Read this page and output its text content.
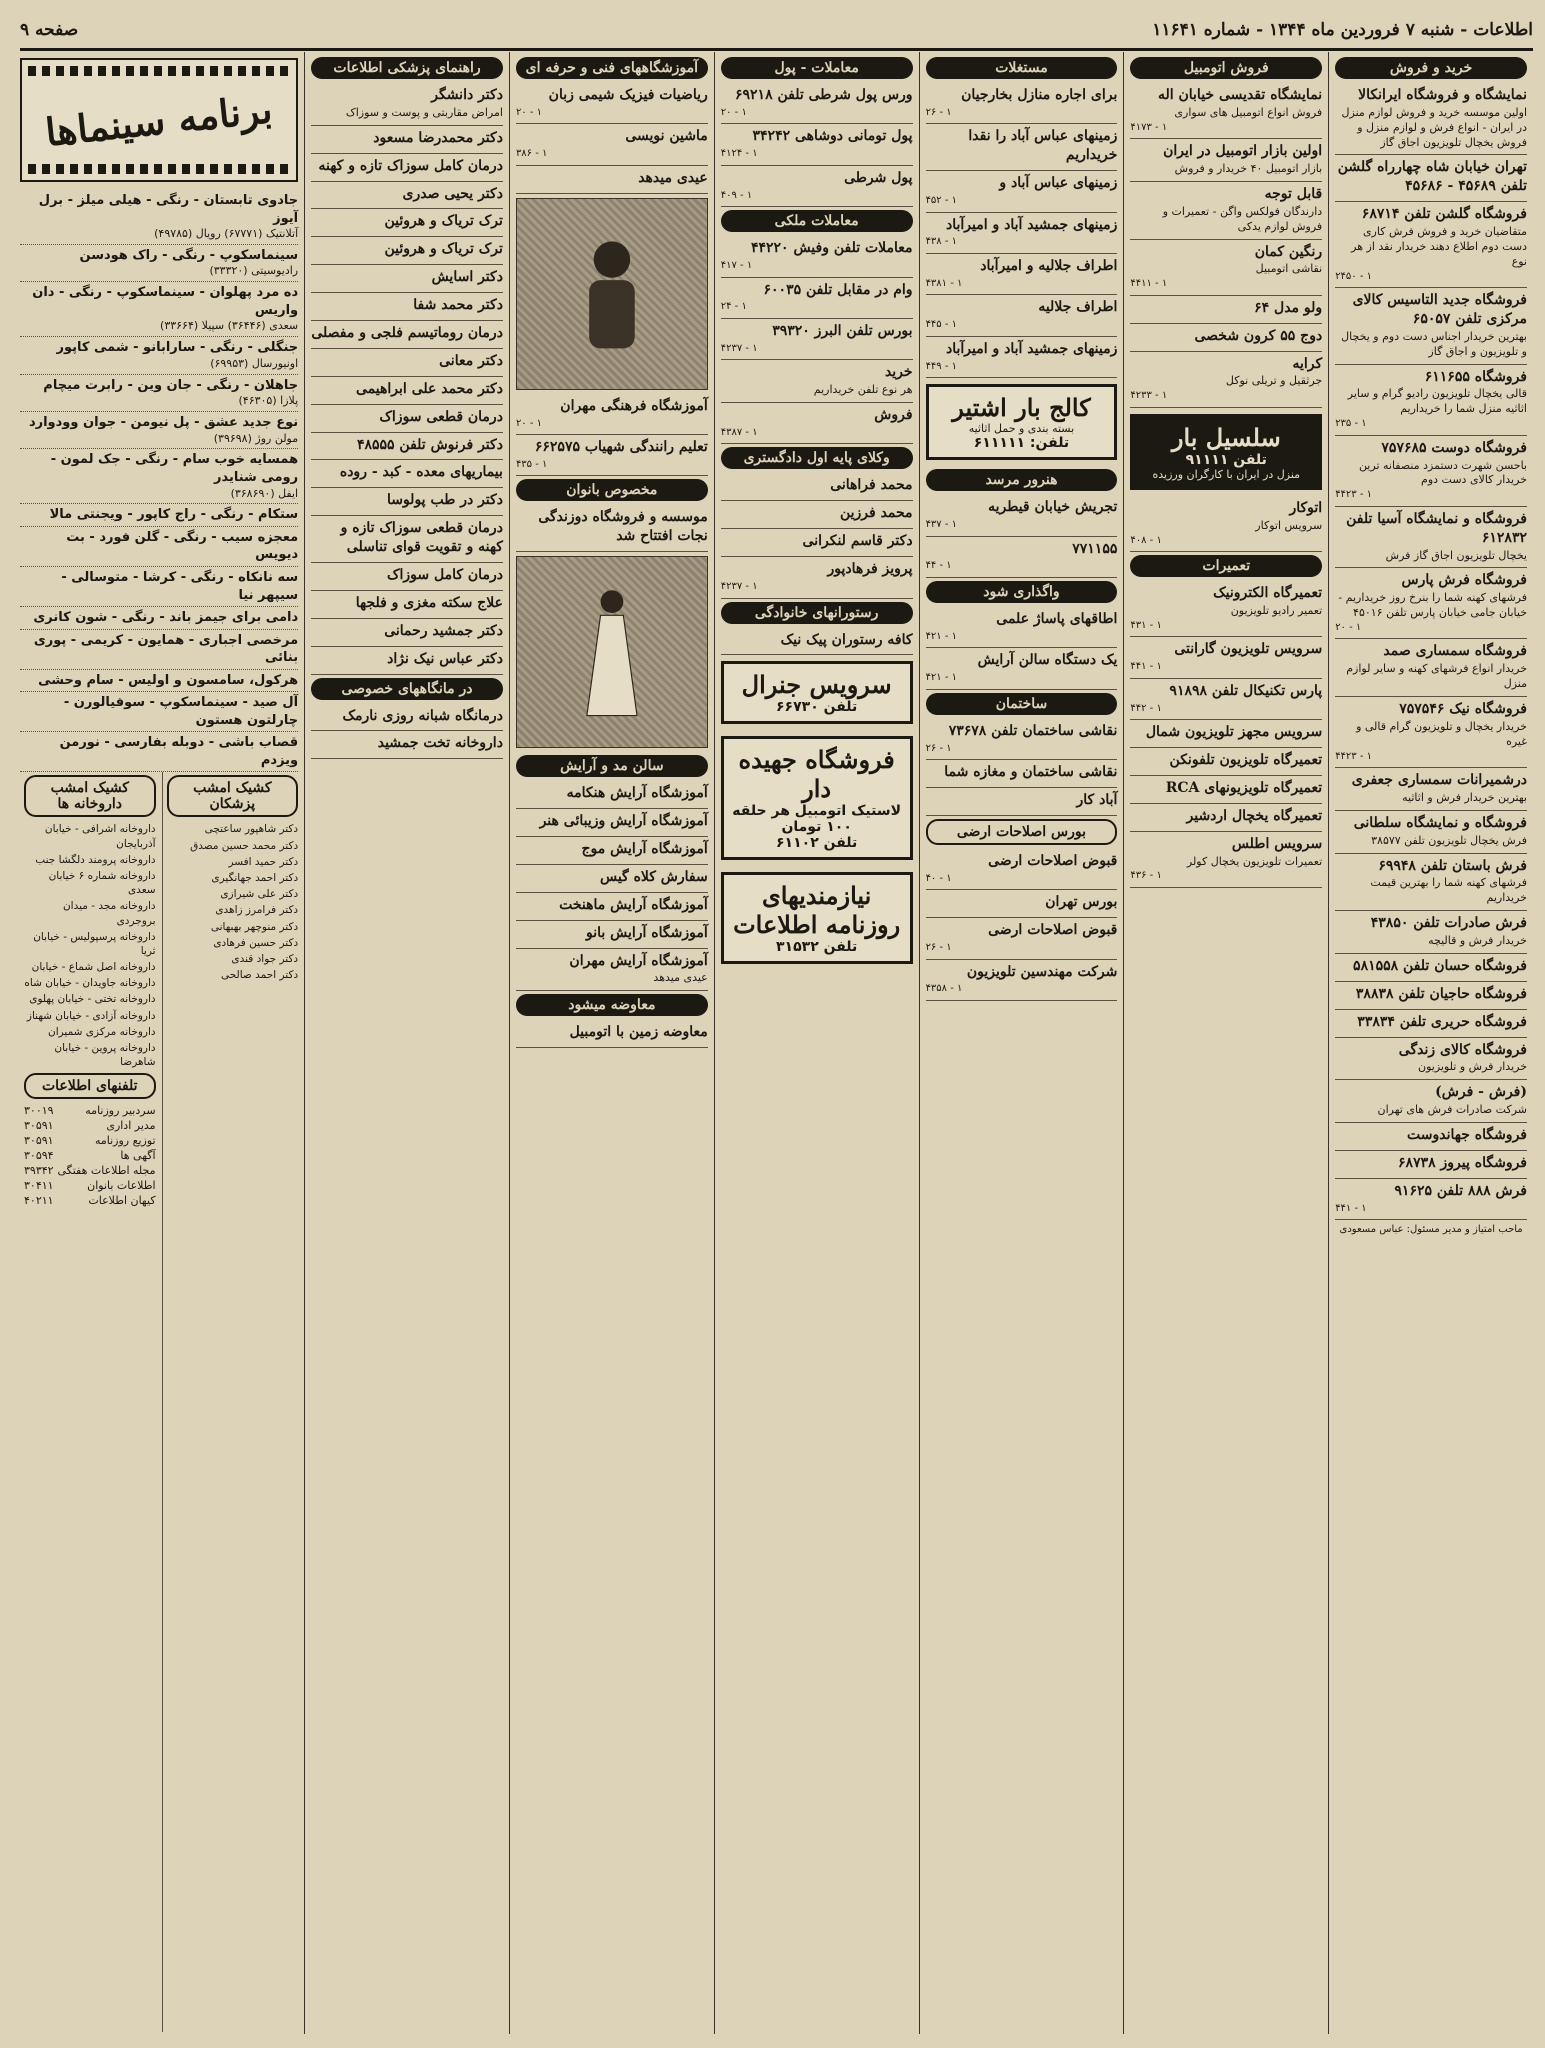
اطلاعات - شنبه ۷ فروردین ماه ۱۳۴۴ - شماره ۱۱۶۴۱
صفحه ۹
خرید و فروش
نمایشگاه و فروشگاه ایرانکالا
اولین موسسه خرید و فروش لوازم منزل در ایران - انواع فرش و لوازم منزل و فروش یخچال تلویزیون اجاق گاز
تهران خیابان شاه چهارراه گلشن تلفن ۴۵۶۸۹ - ۴۵۶۸۶
فروشگاه گلشن تلفن ۶۸۷۱۴
متقاضیان خرید و فروش فرش کاری دست دوم اطلاع دهند خریدار نقد از هر نوع
۲۴۵۰ - ۱
فروشگاه جدید التاسیس کالای مرکزی تلفن ۶۵۰۵۷
بهترین خریدار اجناس دست دوم و یخچال و تلویزیون و اجاق گاز
فروشگاه ۶۱۱۶۵۵
قالی یخچال تلویزیون رادیو گرام و سایر اثاثیه منزل شما را خریداریم
۲۳۵ - ۱
فروشگاه دوست ۷۵۷۶۸۵
باحسن شهرت دستمزد منصفانه ترین خریدار کالای دست دوم
۴۴۲۳ - ۱
فروشگاه و نمایشگاه آسیا تلفن ۶۱۲۸۳۲
یخچال تلویزیون اجاق گاز فرش
فروشگاه فرش پارس
فرشهای کهنه شما را بنرخ روز خریداریم - خیابان جامی خیابان پارس تلفن ۴۵۰۱۶
۲۰ - ۱
فروشگاه سمساری صمد
خریدار انواع فرشهای کهنه و سایر لوازم منزل
فروشگاه نیک ۷۵۷۵۴۶
خریدار یخچال و تلویزیون گرام قالی و غیره
۴۴۲۳ - ۱
درشمیرانات سمساری جعفری
بهترین خریدار فرش و اثاثیه
فروشگاه و نمایشگاه سلطانی
فرش یخچال تلویزیون تلفن ۳۸۵۷۷
فرش باستان تلفن ۶۹۹۴۸
فرشهای کهنه شما را بهترین قیمت خریداریم
فرش صادرات تلفن ۴۳۸۵۰
خریدار فرش و قالیچه
فروشگاه حسان تلفن ۵۸۱۵۵۸
فروشگاه حاجیان تلفن ۳۸۸۳۸
فروشگاه حریری تلفن ۳۳۸۳۴
فروشگاه کالای زندگی
خریدار فرش و تلویزیون
(فرش - فرش)
شرکت صادرات فرش های تهران
فروشگاه جهاندوست
فروشگاه پیروز ۶۸۷۳۸
فرش ۸۸۸ تلفن ۹۱۶۲۵
۴۴۱ - ۱
ماحب امتیاز و مدیر مسئول: عباس مسعودی
فروش اتومبیل
نمایشگاه تقدیسی خیابان اله
فروش انواع اتومبیل های سواری
۴۱۷۳ - ۱
اولین بازار اتومبیل در ایران
بازار اتومبیل ۴۰ خریدار و فروش
قابل توجه
دارندگان فولکس واگن - تعمیرات و فروش لوازم یدکی
رنگین کمان
نقاشی اتومبیل
۴۴۱۱ - ۱
ولو مدل ۶۴
دوج ۵۵ کرون شخصی
کرایه
جرثقیل و تریلی نوکل
۴۲۳۳ - ۱
سلسیل بار
تلفن ۹۱۱۱۱
منزل در ایران با کارگران ورزیده
اتوکار
سرویس اتوکار
۴۰۸ - ۱
تعمیرات
تعمیرگاه الکترونیک
تعمیر رادیو تلویزیون
۴۳۱ - ۱
سرویس تلویزیون گارانتی
۴۴۱ - ۱
پارس تکنیکال تلفن ۹۱۸۹۸
۴۴۲ - ۱
سرویس مجهز تلویزیون شمال
تعمیرگاه تلویزیون تلفونکن
تعمیرگاه تلویزیونهای RCA
تعمیرگاه یخچال اردشیر
سرویس اطلس
تعمیرات تلویزیون یخچال کولر
۴۳۶ - ۱
مستغلات
برای اجاره منازل بخارجیان
۲۶ - ۱
زمینهای عباس آباد را نقدا خریداریم
زمینهای عباس آباد و
۴۵۲ - ۱
زمینهای جمشید آباد و امیرآباد
۴۳۸ - ۱
اطراف جلالیه و امیرآباد
۴۳۸۱ - ۱
اطراف جلالیه
۴۴۵ - ۱
زمینهای جمشید آباد و امیرآباد
۴۴۹ - ۱
کالج بار اشتیر
بسته بندی و حمل اثاثیه
تلفن: ۶۱۱۱۱۱
هنرور مرسد
تجریش خیابان قیطریه
۴۳۷ - ۱
۷۷۱۱۵۵
۴۴ - ۱
واگذاری شود
اطاقهای پاساژ علمی
۴۲۱ - ۱
یک دستگاه سالن آرایش
۴۲۱ - ۱
ساختمان
نقاشی ساختمان تلفن ۷۳۶۷۸
۲۶ - ۱
نقاشی ساختمان و مغازه شما
آباد کار
بورس اصلاحات ارضی
قبوض اصلاحات ارضی
۴۰ - ۱
بورس تهران
قبوض اصلاحات ارضی
۲۶ - ۱
شرکت مهندسین تلویزیون
۴۳۵۸ - ۱
معاملات - پول
ورس پول شرطی تلفن ۶۹۲۱۸
۲۰ - ۱
پول تومانی دوشاهی ۳۴۲۴۲
۴۱۲۴ - ۱
پول شرطی
۴۰۹ - ۱
معاملات ملکی
معاملات تلفن وفیش ۴۴۲۲۰
۴۱۷ - ۱
وام در مقابل تلفن ۶۰۰۳۵
۲۴ - ۱
بورس تلفن البرز ۳۹۳۲۰
۴۲۳۷ - ۱
خرید
هر نوع تلفن خریداریم
فروش
۴۳۸۷ - ۱
وکلای پایه اول دادگستری
محمد فراهانی
محمد فرزین
دکتر قاسم لنکرانی
پرویز فرهادپور
۴۲۳۷ - ۱
رستورانهای خانوادگی
کافه رستوران پیک نیک
سرویس جنرال
تلفن ۶۶۷۳۰
فروشگاه جهیده دار
لاستیک اتومبیل هر حلقه ۱۰۰ تومان
تلفن ۶۱۱۰۲
نیازمندیهای روزنامه اطلاعات
تلفن ۳۱۵۳۲
آموزشگاههای فنی و حرفه ای
ریاضیات فیزیک شیمی زبان
۲۰ - ۱
ماشین نویسی
۳۸۶ - ۱
عیدی میدهد
آموزشگاه فرهنگی مهران
۲۰ - ۱
تعلیم رانندگی شهیاب ۶۶۲۵۷۵
۴۳۵ - ۱
مخصوص بانوان
موسسه و فروشگاه دوزندگی نجات افتتاح شد
سالن مد و آرایش
آموزشگاه آرایش هنکامه
آموزشگاه آرایش وزیبائی هنر
آموزشگاه آرایش موج
سفارش کلاه گیس
آموزشگاه آرایش ماهنخت
آموزشگاه آرایش بانو
آموزشگاه آرایش مهران
عیدی میدهد
معاوضه میشود
معاوضه زمین با اتومبیل
راهنمای پزشکی اطلاعات
دکتر دانشگر
امراض مقاربتی و پوست و سوزاک
دکتر محمدرضا مسعود
درمان کامل سوزاک تازه و کهنه
دکتر یحیی صدری
ترک تریاک و هروئین
ترک تریاک و هروئین
دکتر اسایش
دکتر محمد شفا
درمان روماتیسم فلجی و مفصلی
دکتر معانی
دکتر محمد علی ابراهیمی
درمان قطعی سوزاک
دکتر فرنوش تلفن ۴۸۵۵۵
بیماریهای معده - کبد - روده
دکتر در طب پولوسا
درمان قطعی سوزاک تازه و کهنه و تقویت قوای تناسلی
درمان کامل سوزاک
علاج سکته مغزی و فلجها
دکتر جمشید رحمانی
دکتر عباس نیک نژاد
در مانگاههای خصوصی
درمانگاه شبانه روزی نارمک
داروخانه تخت جمشید
برنامه سینماها
جادوی تابستان - رنگی - هیلی میلز - برل آیوز
آتلانتیک (۶۷۷۷۱) رویال (۴۹۷۸۵)
سینماسکوپ - رنگی - راک هودسن
رادیوسیتی (۳۳۳۲۰)
ده مرد پهلوان - سینماسکوپ - رنگی - دان واریس
سعدی (۳۶۴۴۶) سپیلا (۳۳۶۶۴)
جنگلی - رنگی - سارابانو - شمی کاپور
اونیورسال (۶۹۹۵۳)
جاهلان - رنگی - جان وین - رابرت میچام
پلازا (۴۶۳۰۵)
نوع جدید عشق - پل نیومن - جوان وودوارد
مولن روژ (۳۹۶۹۸)
همسایه خوب سام - رنگی - جک لمون - رومی شنایدر
ایفل (۳۶۸۶۹۰)
ستکام - رنگی - راج کاپور - ویجنتی مالا
معجزه سیب - رنگی - گلن فورد - بت دیویس
سه نانکاه - رنگی - کرشا - متوسالی - سیپهر نیا
دامی برای جیمز باند - رنگی - شون کانری
مرخصی اجباری - همایون - کریمی - پوری بنائی
هرکول، سامسون و اولیس - سام وحشی
آل صید - سینماسکوپ - سوفیالورن - چارلتون هستون
قصاب باشی - دوبله بفارسی - نورمن ویزدم
کشیک امشب پزشکان
دکتر شاهپور ساعتچی
دکتر محمد حسین مصدق
دکتر حمید افسر
دکتر احمد جهانگیری
دکتر علی شیرازی
دکتر فرامرز زاهدی
دکتر منوچهر بهبهانی
دکتر حسین فرهادی
دکتر جواد قندی
دکتر احمد صالحی
کشیک امشب داروخانه ها
داروخانه اشرافی - خیابان آذربایجان
داروخانه پرومند دلگشا جنب
داروخانه شماره ۶ خیابان سعدی
داروخانه مجد - میدان بروجردی
داروخانه پرسپولیس - خیابان ثریا
داروخانه اصل شماع - خیابان
داروخانه جاویدان - خیابان شاه
داروخانه تختی - خیابان پهلوی
داروخانه آزادی - خیابان شهناز
داروخانه مرکزی شمیران
داروخانه پروین - خیابان شاهرضا
تلفنهای اطلاعات
سردبیر روزنامه
۳۰۰۱۹
مدیر اداری
۳۰۵۹۱
توزیع روزنامه
۳۰۵۹۱
آگهی ها
۳۰۵۹۴
مجله اطلاعات هفتگی
۳۹۳۴۲
اطلاعات بانوان
۳۰۴۱۱
کیهان اطلاعات
۴۰۲۱۱
